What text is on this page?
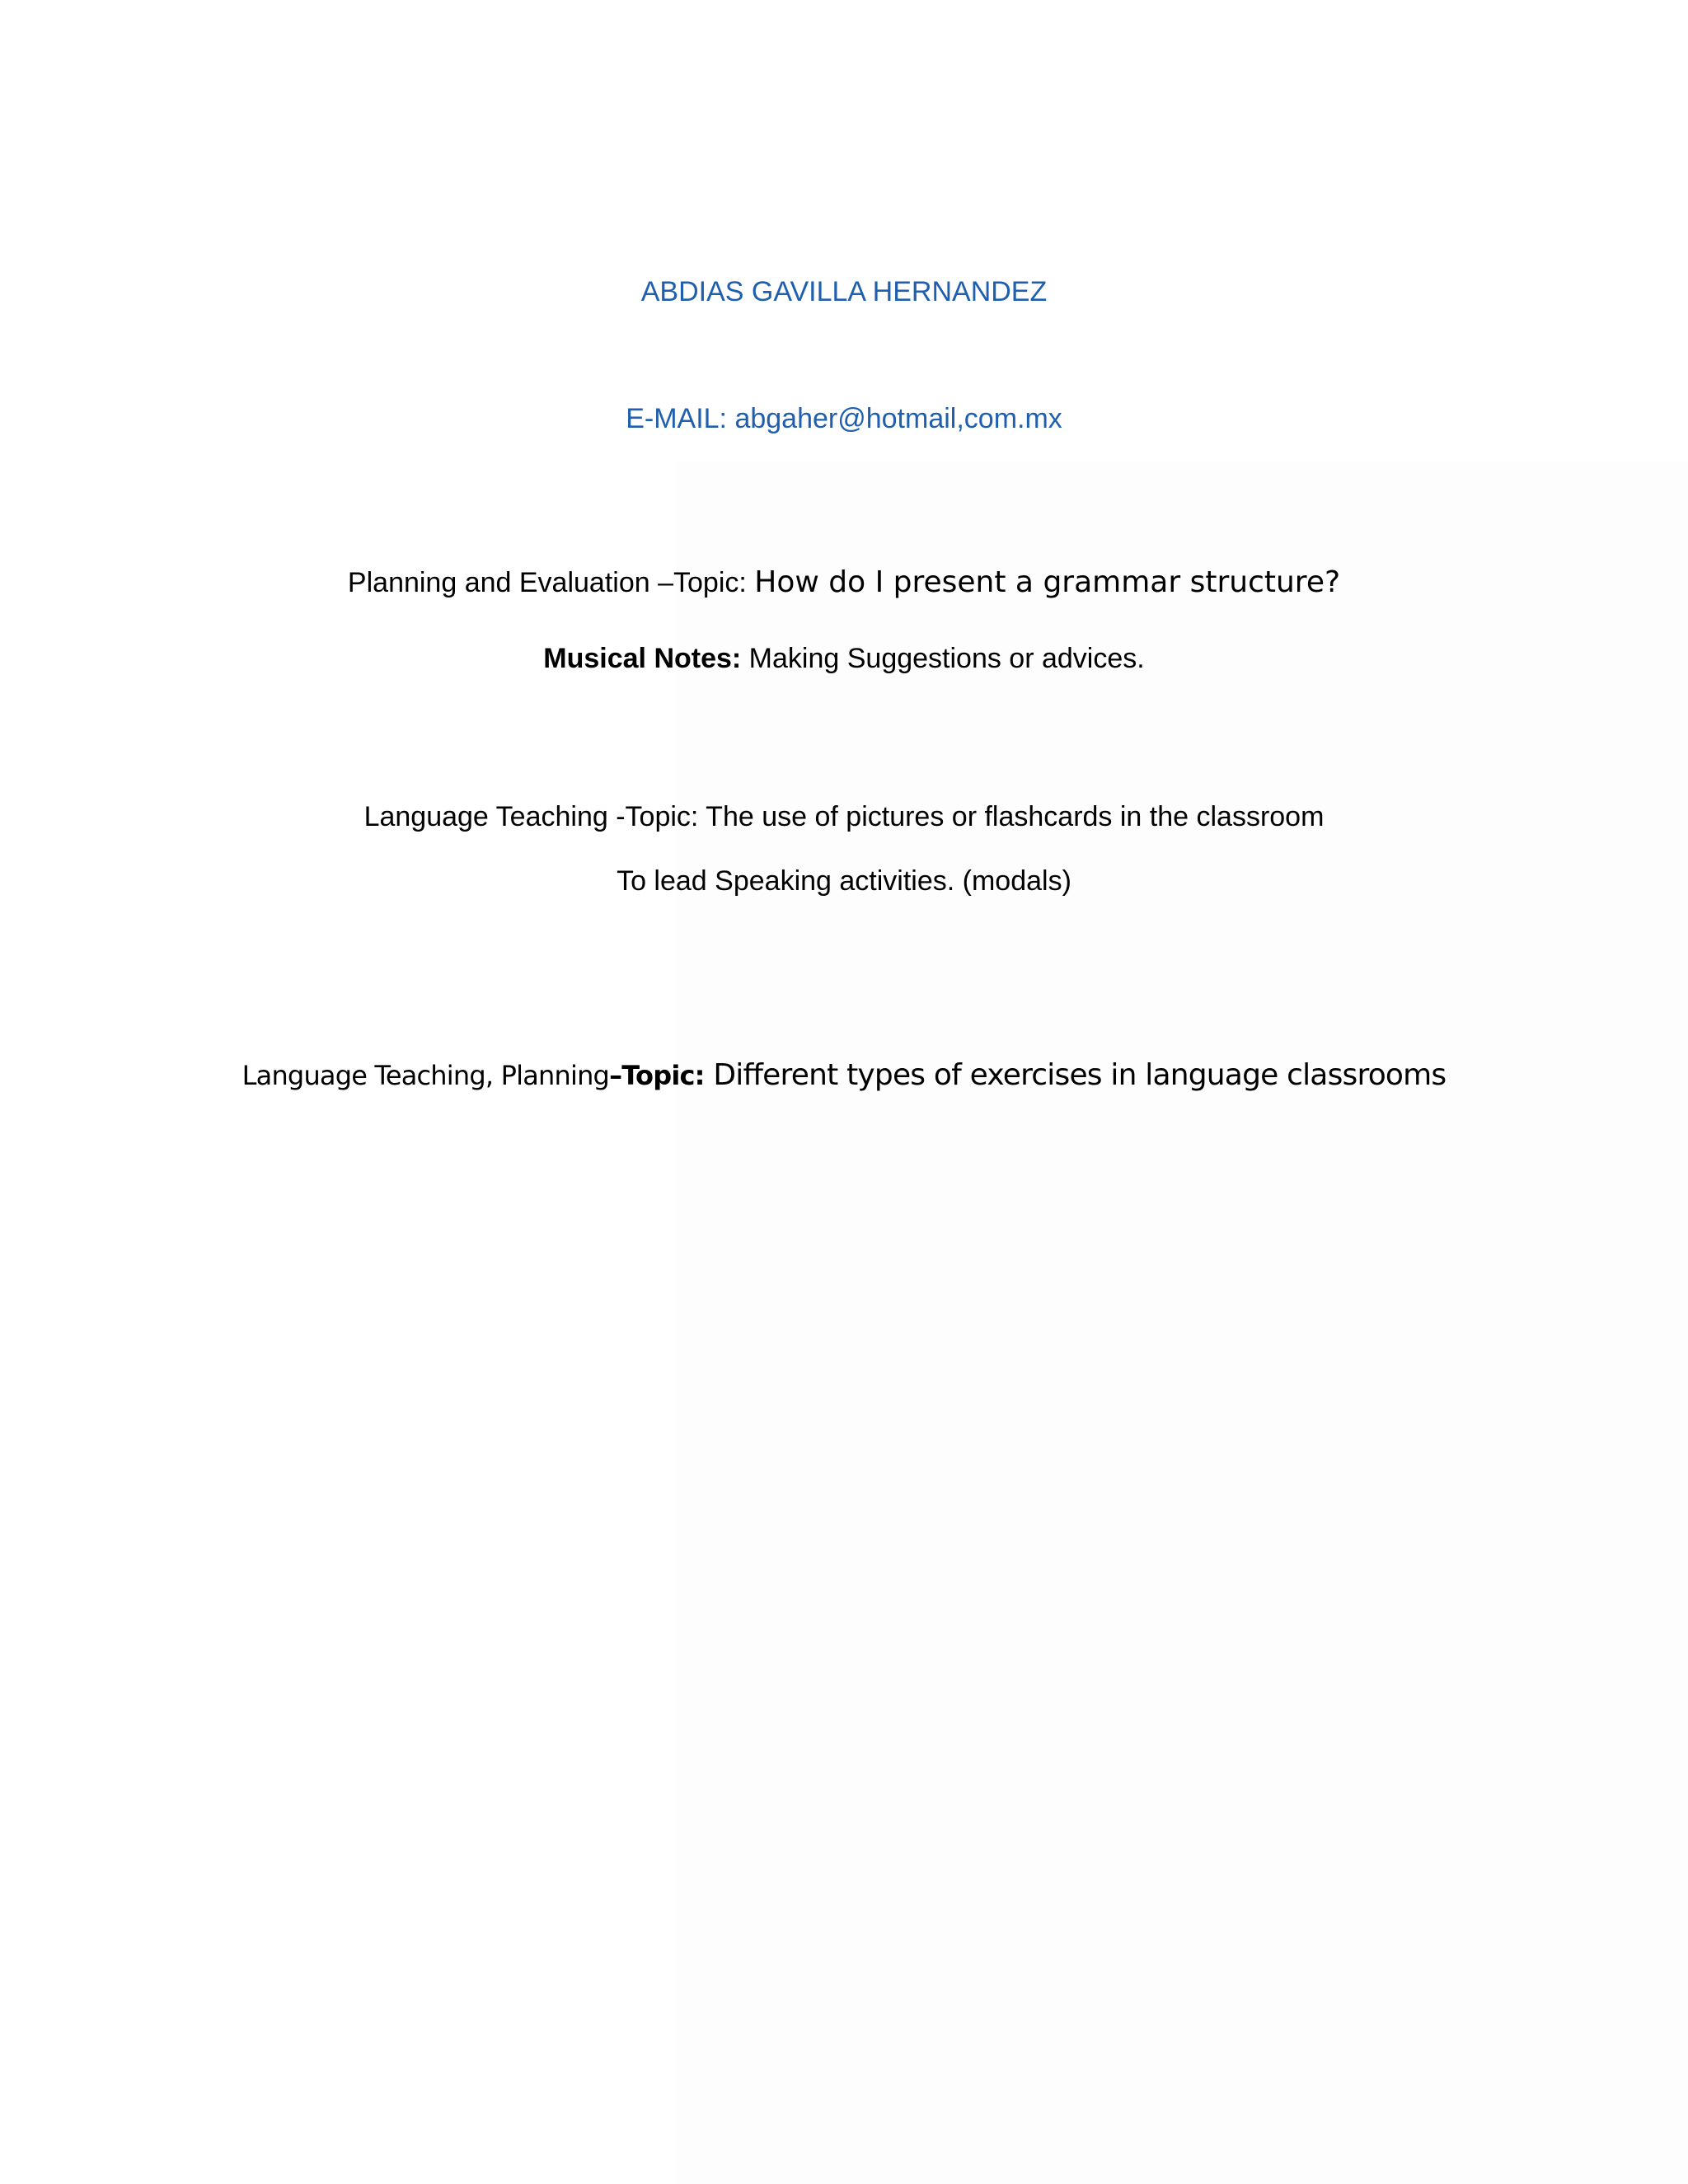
ABDIAS GAVILLA HERNANDEZ
E-MAIL: abgaher@hotmail,com.mx
Planning and Evaluation –Topic: How do I present a grammar structure?
Musical Notes: Making Suggestions or advices.
Language Teaching -Topic: The use of pictures or flashcards in the classroom
To lead Speaking activities. (modals)
Language Teaching, Planning–Topic: Different types of exercises in language classrooms
